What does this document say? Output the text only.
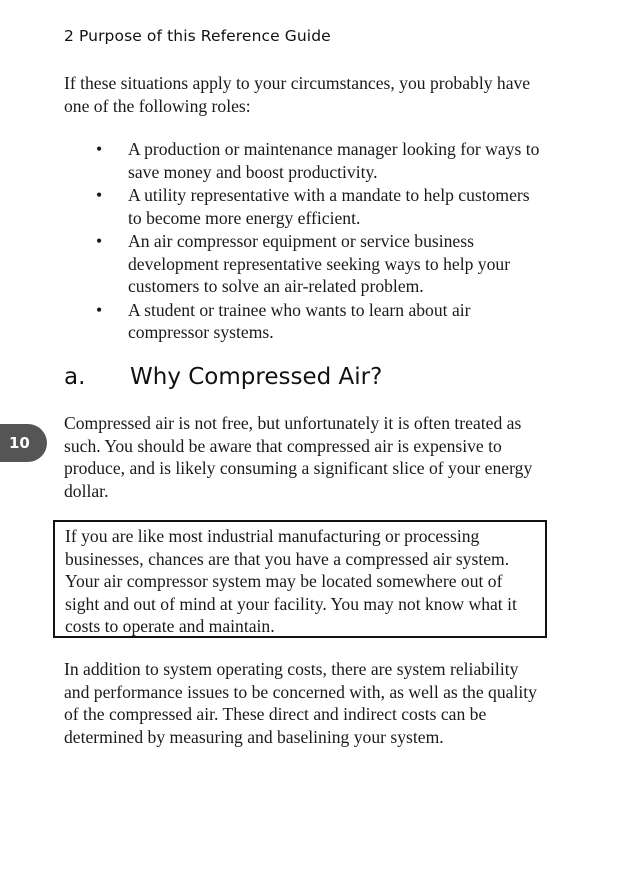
2 Purpose of this Reference Guide
10

If these situations apply to your circumstances, you probably have one of the following roles:

• A production or maintenance manager looking for ways to save money and boost productivity.
• A utility representative with a mandate to help customers to become more energy efficient.
• An air compressor equipment or service business development representative seeking ways to help your customers to solve an air-related problem.
• A student or trainee who wants to learn about air compressor systems.
a.	Why Compressed Air?

Compressed air is not free, but unfortunately it is often treated as such. You should be aware that compressed air is expensive to produce, and is likely consuming a significant slice of your energy dollar.

If you are like most industrial manufacturing or processing businesses, chances are that you have a compressed air system. Your air compressor system may be located somewhere out of sight and out of mind at your facility. You may not know what it costs to operate and maintain.

In addition to system operating costs, there are system reliability and performance issues to be concerned with, as well as the quality of the compressed air. These direct and indirect costs can be determined by measuring and baselining your system.
